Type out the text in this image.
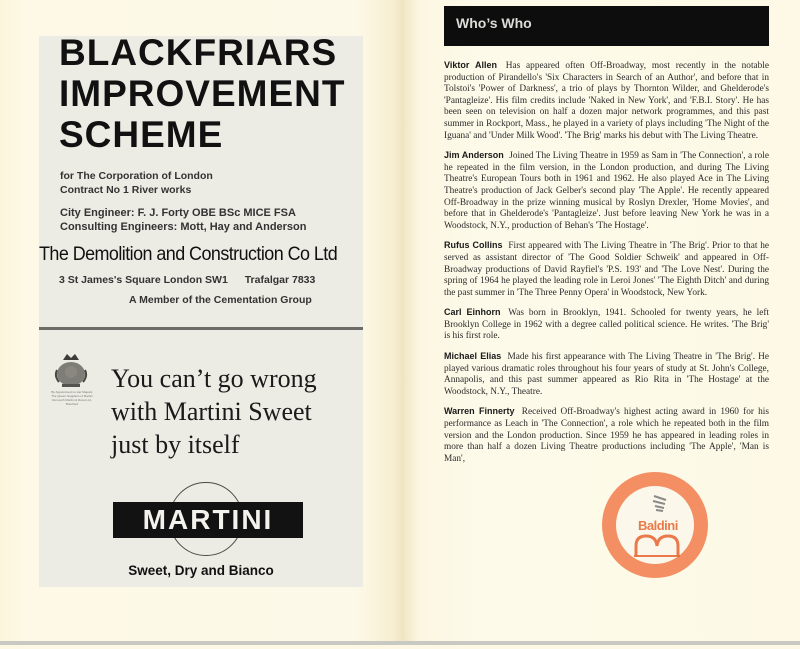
BLACKFRIARS
IMPROVEMENT
SCHEME
for The Corporation of London
Contract No 1 River works
City Engineer: F. J. Forty OBE BSc MICE FSA
Consulting Engineers: Mott, Hay and Anderson
The Demolition and Construction Co Ltd
3 St James's Square London SW1 Trafalgar 7833
A Member of the Cementation Group
By Appointment to Her Majesty The Queen Suppliers of Martini Vermouth Martini & Rossi Ltd., Brentford
You can’t go wrong
with Martini Sweet
just by itself
MARTINI
Sweet, Dry and Bianco
Who’s Who

Viktor Allen Has appeared often Off-Broadway, most recently in the notable production of Pirandello's 'Six Characters in Search of an Author', and before that in Tolstoi's 'Power of Darkness', a trio of plays by Thornton Wilder, and Ghelderode's 'Pantagleize'. His film credits include 'Naked in New York', and 'F.B.I. Story'. He has been seen on television on half a dozen major network programmes, and this past summer in Rockport, Mass., he played in a variety of plays including 'The Night of the Iguana' and 'Under Milk Wood'. 'The Brig' marks his debut with The Living Theatre.

Jim Anderson Joined The Living Theatre in 1959 as Sam in 'The Connection', a role he repeated in the film version, in the London production, and during The Living Theatre's European Tours both in 1961 and 1962. He also played Ace in The Living Theatre's production of Jack Gelber's second play 'The Apple'. He recently appeared Off-Broadway in the prize winning musical by Roslyn Drexler, 'Home Movies', and before that in Ghelderode's 'Pantagleize'. Just before leaving New York he was in a Woodstock, N.Y., production of Behan's 'The Hostage'.

Rufus Collins First appeared with The Living Theatre in 'The Brig'. Prior to that he served as assistant director of 'The Good Soldier Schweik' and appeared in Off-Broadway productions of David Rayfiel's 'P.S. 193' and 'The Love Nest'. During the spring of 1964 he played the leading role in Leroi Jones' 'The Eighth Ditch' and during the past summer in 'The Three Penny Opera' in Woodstock, New York.

Carl Einhorn Was born in Brooklyn, 1941. Schooled for twenty years, he left Brooklyn College in 1962 with a degree called political science. He writes. 'The Brig' is his first role.

Michael Elias Made his first appearance with The Living Theatre in 'The Brig'. He played various dramatic roles throughout his four years of study at St. John's College, Annapolis, and this past summer appeared as Rio Rita in 'The Hostage' at the Woodstock, N.Y., Theatre.

Warren Finnerty Received Off-Broadway's highest acting award in 1960 for his performance as Leach in 'The Connection', a role which he repeated both in the film version and the London production. Since 1959 he has appeared in leading roles in more than half a dozen Living Theatre productions including 'The Apple', 'Man is Man',

Baldini
